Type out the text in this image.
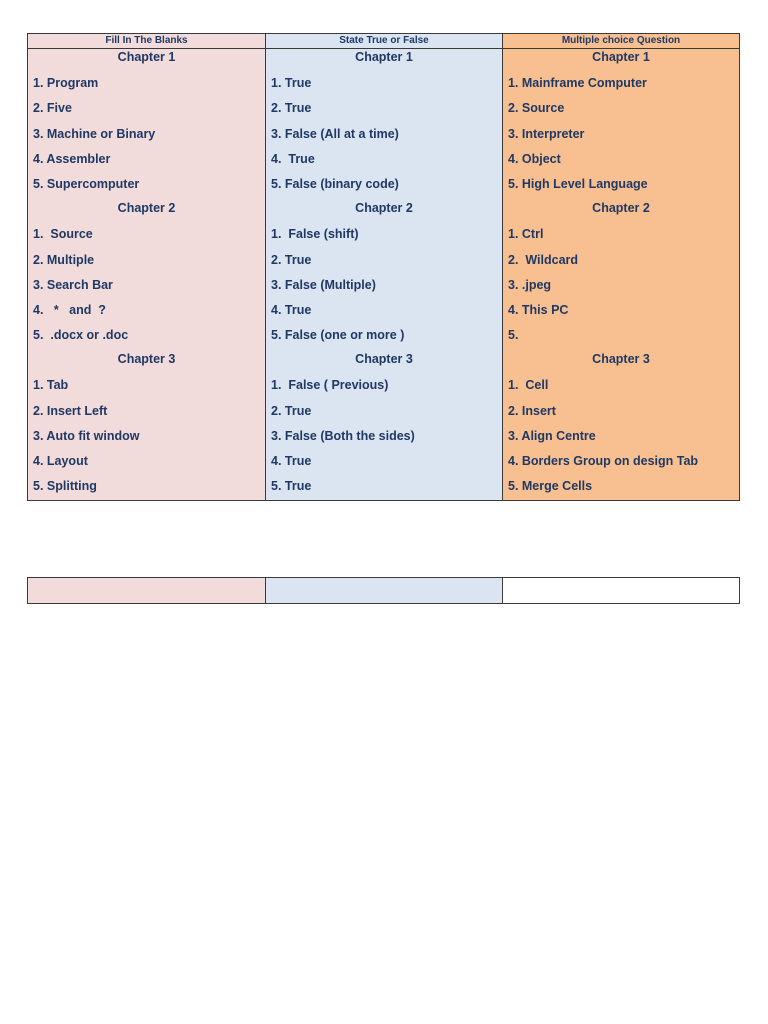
Fill In The Blanks
Chapter 1
1. Program
2. Five
3. Machine or Binary
4. Assembler
5. Supercomputer
Chapter 2
1.  Source
2. Multiple
3. Search Bar
4.   *   and  ?
5.  .docx or .doc
Chapter 3
1. Tab
2. Insert Left
3. Auto fit window
4. Layout
5. Splitting
State True or False
Chapter 1
1. True
2. True
3. False (All at a time)
4.  True
5. False (binary code)
Chapter 2
1.  False (shift)
2. True
3. False (Multiple)
4. True
5. False (one or more )
Chapter 3
1.  False ( Previous)
2. True
3. False (Both the sides)
4. True
5. True
Multiple choice Question
Chapter 1
1. Mainframe Computer
2. Source
3. Interpreter
4. Object
5. High Level Language
Chapter 2
1. Ctrl
2.  Wildcard
3. .jpeg
4. This PC
5.
Chapter 3
1.  Cell
2. Insert
3. Align Centre
4. Borders Group on design Tab
5. Merge Cells
